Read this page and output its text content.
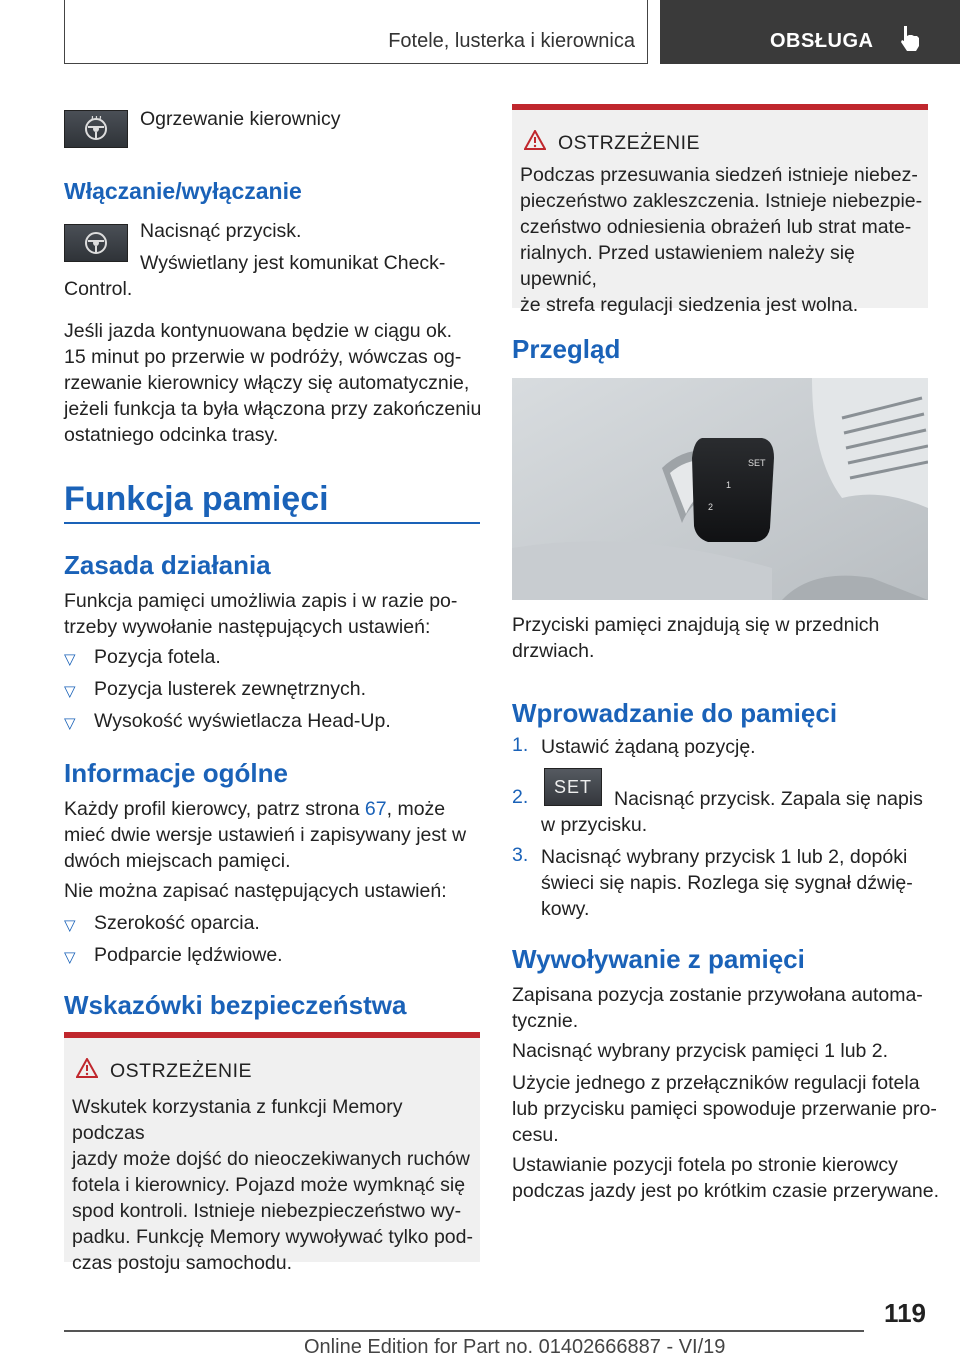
Fotele, lusterka i kierownica	OBSŁUGA
Ogrzewanie kierownicy
Włączanie/wyłączanie
Nacisnąć przycisk.
Wyświetlany jest komunikat Check-
Control.
Jeśli jazda kontynuowana będzie w ciągu ok.
15 minut po przerwie w podróży, wówczas og-
rzewanie kierownicy włączy się automatycznie,
jeżeli funkcja ta była włączona przy zakończeniu
ostatniego odcinka trasy.
Funkcja pamięci
Zasada działania
Funkcja pamięci umożliwia zapis i w razie po-
trzeby wywołanie następujących ustawień:
▽ Pozycja fotela.
▽ Pozycja lusterek zewnętrznych.
▽ Wysokość wyświetlacza Head-Up.
Informacje ogólne
Każdy profil kierowcy, patrz strona 67, może
mieć dwie wersje ustawień i zapisywany jest w
dwóch miejscach pamięci.
Nie można zapisać następujących ustawień:
▽ Szerokość oparcia.
▽ Podparcie lędźwiowe.
Wskazówki bezpieczeństwa
OSTRZEŻENIE
Wskutek korzystania z funkcji Memory podczas
jazdy może dojść do nieoczekiwanych ruchów
fotela i kierownicy. Pojazd może wymknąć się
spod kontroli. Istnieje niebezpieczeństwo wy-
padku. Funkcję Memory wywoływać tylko pod-
czas postoju samochodu.
OSTRZEŻENIE
Podczas przesuwania siedzeń istnieje niebez-
pieczeństwo zakleszczenia. Istnieje niebezpie-
czeństwo odniesienia obrażeń lub strat mate-
rialnych. Przed ustawieniem należy się upewnić,
że strefa regulacji siedzenia jest wolna.
Przegląd
SET
1
2
Przyciski pamięci znajdują się w przednich
drzwiach.
Wprowadzanie do pamięci
1. Ustawić żądaną pozycję.
2. SET
Nacisnąć przycisk. Zapala się napis
w przycisku.
3. Nacisnąć wybrany przycisk 1 lub 2, dopóki
świeci się napis. Rozlega się sygnał dźwię-
kowy.
Wywoływanie z pamięci
Zapisana pozycja zostanie przywołana automa-
tycznie.
Nacisnąć wybrany przycisk pamięci 1 lub 2.
Użycie jednego z przełączników regulacji fotela
lub przycisku pamięci spowoduje przerwanie pro-
cesu.
Ustawianie pozycji fotela po stronie kierowcy
podczas jazdy jest po krótkim czasie przerywane.
119
Online Edition for Part no. 01402666887 - VI/19
